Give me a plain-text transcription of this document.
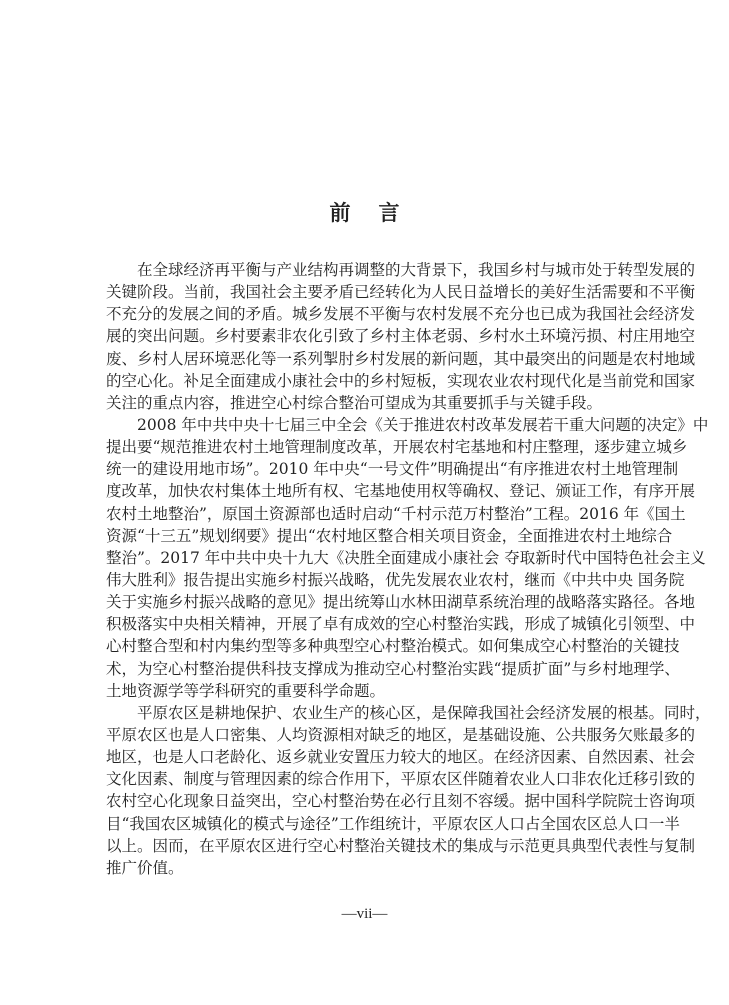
前言
在全球经济再平衡与产业结构再调整的大背景下，我国乡村与城市处于转型发展的
关键阶段。当前，我国社会主要矛盾已经转化为人民日益增长的美好生活需要和不平衡
不充分的发展之间的矛盾。城乡发展不平衡与农村发展不充分也已成为我国社会经济发
展的突出问题。乡村要素非农化引致了乡村主体老弱、乡村水土环境污损、村庄用地空
废、乡村人居环境恶化等一系列掣肘乡村发展的新问题，其中最突出的问题是农村地域
的空心化。补足全面建成小康社会中的乡村短板，实现农业农村现代化是当前党和国家
关注的重点内容，推进空心村综合整治可望成为其重要抓手与关键手段。
2008 年中共中央十七届三中全会《关于推进农村改革发展若干重大问题的决定》中
提出要“规范推进农村土地管理制度改革，开展农村宅基地和村庄整理，逐步建立城乡
统一的建设用地市场”。2010 年中央“一号文件”明确提出“有序推进农村土地管理制
度改革，加快农村集体土地所有权、宅基地使用权等确权、登记、颁证工作，有序开展
农村土地整治”，原国土资源部也适时启动“千村示范万村整治”工程。2016 年《国土
资源“十三五”规划纲要》提出“农村地区整合相关项目资金，全面推进农村土地综合
整治”。2017 年中共中央十九大《决胜全面建成小康社会 夺取新时代中国特色社会主义
伟大胜利》报告提出实施乡村振兴战略，优先发展农业农村，继而《中共中央 国务院
关于实施乡村振兴战略的意见》提出统筹山水林田湖草系统治理的战略落实路径。各地
积极落实中央相关精神，开展了卓有成效的空心村整治实践，形成了城镇化引领型、中
心村整合型和村内集约型等多种典型空心村整治模式。如何集成空心村整治的关键技
术，为空心村整治提供科技支撑成为推动空心村整治实践“提质扩面”与乡村地理学、
土地资源学等学科研究的重要科学命题。
平原农区是耕地保护、农业生产的核心区，是保障我国社会经济发展的根基。同时，
平原农区也是人口密集、人均资源相对缺乏的地区，是基础设施、公共服务欠账最多的
地区，也是人口老龄化、返乡就业安置压力较大的地区。在经济因素、自然因素、社会
文化因素、制度与管理因素的综合作用下，平原农区伴随着农业人口非农化迁移引致的
农村空心化现象日益突出，空心村整治势在必行且刻不容缓。据中国科学院院士咨询项
目“我国农区城镇化的模式与途径”工作组统计，平原农区人口占全国农区总人口一半
以上。因而，在平原农区进行空心村整治关键技术的集成与示范更具典型代表性与复制
推广价值。
—vii—
